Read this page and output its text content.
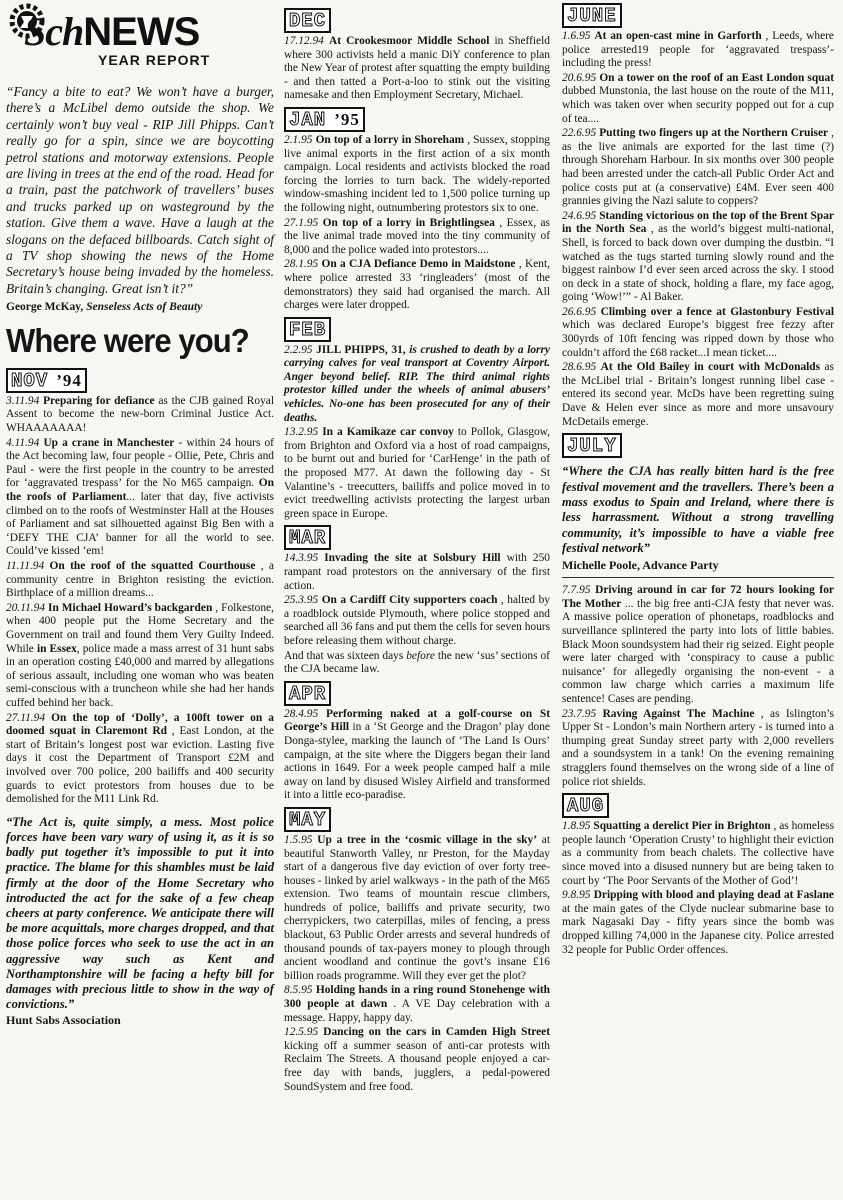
SchNEWS
YEAR REPORT
“Fancy a bite to eat? We won’t have a burger, there’s a McLibel demo outside the shop. We certainly won’t buy veal - RIP Jill Phipps. Can’t really go for a spin, since we are boycotting petrol stations and motorway extensions. People are living in trees at the end of the road. Head for a train, past the patchwork of travellers’ buses and trucks parked up on wasteground by the station. Give them a wave. Have a laugh at the slogans on the defaced billboards. Catch sight of a TV shop showing the news of the Home Secretary’s house being invaded by the homeless. Britain’s changing. Great isn’t it?”
George McKay, Senseless Acts of Beauty
Where were you?
NOV ’94
3.11.94 Preparing for defiance as the CJB gained Royal Assent to become the new-born Criminal Justice Act. WHAAAAAAA!
4.11.94 Up a crane in Manchester - within 24 hours of the Act becoming law, four people - Ollie, Pete, Chris and Paul - were the first people in the country to be arrested for ‘aggravated trespass’ for the No M65 campaign. On the roofs of Parliament... later that day, five activists climbed on to the roofs of Westminster Hall at the Houses of Parliament and sat silhouetted against Big Ben with a ‘DEFY THE CJA’ banner for all the world to see. Could’ve kissed ‘em!
11.11.94 On the roof of the squatted Courthouse , a community centre in Brighton resisting the eviction. Birthplace of a million dreams...
20.11.94 In Michael Howard’s backgarden , Folkestone, when 400 people put the Home Secretary and the Government on trail and found them Very Guilty Indeed. While in Essex, police made a mass arrest of 31 hunt sabs in an operation costing £40,000 and marred by allegations of serious assault, including one woman who was beaten semi-conscious with a truncheon while she had her hands cuffed behind her back.
27.11.94 On the top of ‘Dolly’, a 100ft tower on a doomed squat in Claremont Rd , East London, at the start of Britain’s longest post war eviction. Lasting five days it cost the Department of Transport £2M and involved over 700 police, 200 bailiffs and 400 security guards to evict protestors from houses due to be demolished for the M11 Link Rd.
“The Act is, quite simply, a mess. Most police forces have been vary wary of using it, as it is so badly put together it’s impossible to put it into practice. The blame for this shambles must be laid firmly at the door of the Home Secretary who introducted the act for the sake of a few cheap cheers at party conference. We anticipate there will be more acquittals, more charges dropped, and that those police forces who seek to use the act in an aggressive way such as Kent and Northamptonshire will be facing a hefty bill for damages with precious little to show in the way of convictions.”
Hunt Sabs Association
DEC
17.12.94 At Crookesmoor Middle School in Sheffield where 300 activists held a manic DiY conference to plan the New Year of protest after squatting the empty building - and then tatted a Port-a-loo to stink out the visiting namesake and then Employment Secretary, Michael.
JAN ’95
2.1.95 On top of a lorry in Shoreham , Sussex, stopping live animal exports in the first action of a six month campaign. Local residents and activists blocked the road forcing the lorries to turn back. The widely-reported window-smashing incident led to 1,500 police turning up the following night, outnumbering protestors six to one.
27.1.95 On top of a lorry in Brightlingsea , Essex, as the live animal trade moved into the tiny community of 8,000 and the police waded into protestors....
28.1.95 On a CJA Defiance Demo in Maidstone , Kent, where police arrested 33 ‘ringleaders’ (most of the demonstrators) they said had organised the march. All charges were later dropped.
FEB
2.2.95 JILL PHIPPS, 31, is crushed to death by a lorry carrying calves for veal transport at Coventry Airport. Anger beyond belief. RIP. The third animal rights protestor killed under the wheels of animal abusers’ vehicles. No-one has been prosecuted for any of their deaths.
13.2.95 In a Kamikaze car convoy to Pollok, Glasgow, from Brighton and Oxford via a host of road campaigns, to be burnt out and buried for ‘CarHenge’ in the path of the proposed M77. At dawn the following day - St Valantine’s - treecutters, bailiffs and police moved in to evict treedwelling activists protecting the largest urban green space in Europe.
MAR
14.3.95 Invading the site at Solsbury Hill with 250 rampant road protestors on the anniversary of the first action.
25.3.95 On a Cardiff City supporters coach , halted by a roadblock outside Plymouth, where police stopped and searched all 36 fans and put them the cells for seven hours before releasing them without charge.
And that was sixteen days before the new ‘sus’ sections of the CJA became law.
APR
28.4.95 Performing naked at a golf-course on St George’s Hill in a ‘St George and the Dragon’ play done Donga-stylee, marking the launch of ‘The Land Is Ours’ campaign, at the site where the Diggers began their land actions in 1649. For a week people camped half a mile away on land by disused Wisley Airfield and transformed it into a little eco-paradise.
MAY
1.5.95 Up a tree in the ‘cosmic village in the sky’ at beautiful Stanworth Valley, nr Preston, for the Mayday start of a dangerous five day eviction of over forty tree-houses - linked by ariel walkways - in the path of the M65 extension. Two teams of mountain rescue climbers, hundreds of police, bailiffs and private security, two cherrypickers, two caterpillas, miles of fencing, a press blackout, 63 Public Order arrests and several hundreds of thousand pounds of tax-payers money to plough through ancient woodland and continue the govt’s insane £16 billion roads programme. Will they ever get the plot?
8.5.95 Holding hands in a ring round Stonehenge with 300 people at dawn . A VE Day celebration with a message. Happy, happy day.
12.5.95 Dancing on the cars in Camden High Street kicking off a summer season of anti-car protests with Reclaim The Streets. A thousand people enjoyed a car-free day with bands, jugglers, a pedal-powered SoundSystem and free food.
JUNE
1.6.95 At an open-cast mine in Garforth , Leeds, where police arrested19 people for ‘aggravated trespass’- including the press!
20.6.95 On a tower on the roof of an East London squat dubbed Munstonia, the last house on the route of the M11, which was taken over when security popped out for a cup of tea....
22.6.95 Putting two fingers up at the Northern Cruiser , as the live animals are exported for the last time (?) through Shoreham Harbour. In six months over 300 people had been arrested under the catch-all Public Order Act and police costs put at (a conservative) £4M. Ever seen 400 grannies giving the Nazi salute to coppers?
24.6.95 Standing victorious on the top of the Brent Spar in the North Sea , as the world’s biggest multi-national, Shell, is forced to back down over dumping the dustbin. “I watched as the tugs started turning slowly round and the biggest rainbow I’d ever seen arced across the sky. I stood on deck in a state of shock, holding a flare, my face agog, going ‘Wow!’” - Al Baker.
26.6.95 Climbing over a fence at Glastonbury Festival which was declared Europe’s biggest free fezzy after 300yrds of 10ft fencing was ripped down by those who couldn’t afford the £68 racket...I mean ticket....
28.6.95 At the Old Bailey in court with McDonalds as the McLibel trial - Britain’s longest running libel case - entered its second year. McDs have been regretting suing Dave & Helen ever since as more and more unsavoury McDetails emerge.
JULY
“Where the CJA has really bitten hard is the free festival movement and the travellers. There’s been a mass exodus to Spain and Ireland, where there is less harrassment. Without a strong travelling community, it’s impossible to have a viable free festival network”
Michelle Poole, Advance Party
7.7.95 Driving around in car for 72 hours looking for The Mother ... the big free anti-CJA festy that never was. A massive police operation of phonetaps, roadblocks and surveillance splintered the party into lots of little babies. Black Moon soundsystem had their rig seized. Eight people were later charged with ‘conspiracy to cause a public nuisance’ for allegedly organising the non-event - a common law charge which carries a maximum life sentence! Cases are pending.
23.7.95 Raving Against The Machine , as Islington’s Upper St - London’s main Northern artery - is turned into a thumping great Sunday street party with 2,000 revellers and a soundsystem in a tank! On the evening remaining stragglers found themselves on the wrong side of a line of police riot shields.
AUG
1.8.95 Squatting a derelict Pier in Brighton , as homeless people launch ‘Operation Crusty’ to highlight their eviction as a community from beach chalets. The collective have since moved into a disused nunnery but are being taken to court by ‘The Poor Servants of the Mother of God’!
9.8.95 Dripping with blood and playing dead at Faslane at the main gates of the Clyde nuclear submarine base to mark Nagasaki Day - fifty years since the bomb was dropped killing 74,000 in the Japanese city. Police arrested 32 people for Public Order offences.
